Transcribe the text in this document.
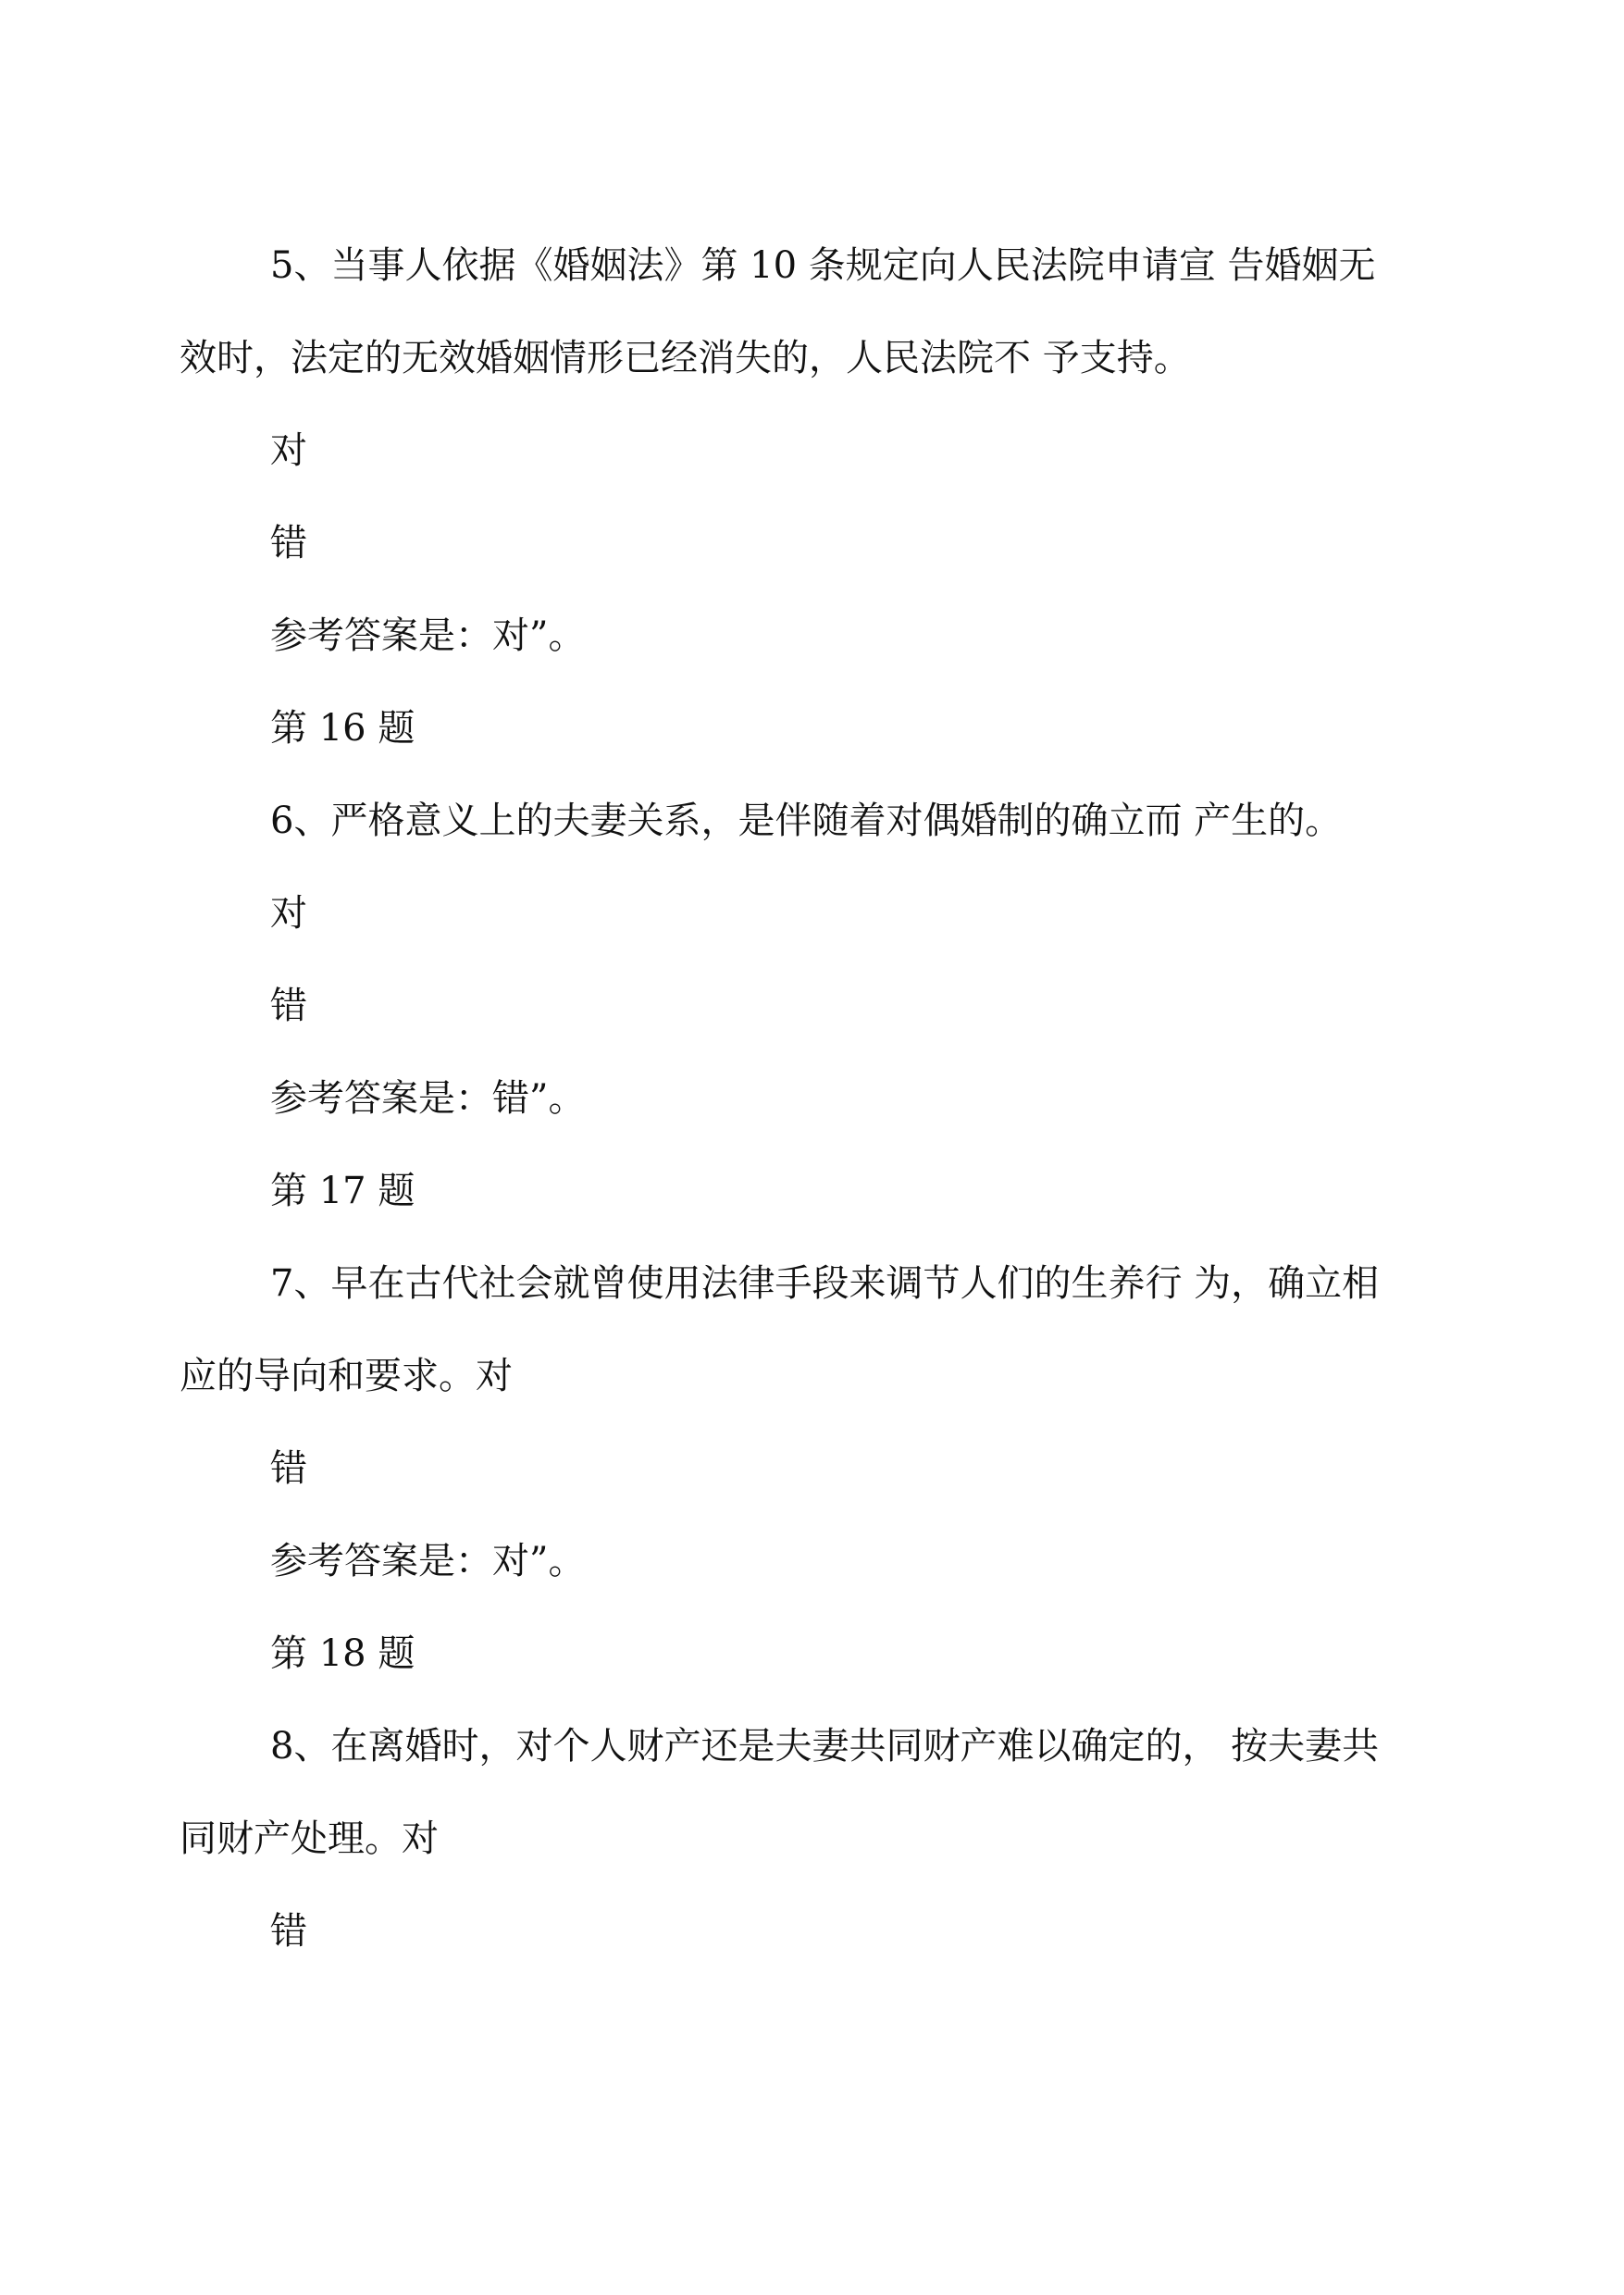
5、当事人依据《婚姻法》第 10 条规定向人民法院申请宣 告婚姻无
效时，法定的无效婚姻情形已经消失的，人民法院不 予支持。
对
错
参考答案是：对”。
第 16 题
6、严格意义上的夫妻关系，是伴随着对偶婚制的确立而 产生的。
对
错
参考答案是：错”。
第 17 题
7、早在古代社会就曾使用法律手段来调节人们的生养行 为，确立相
应的导向和要求。对
错
参考答案是：对”。
第 18 题
8、在离婚时，对个人财产还是夫妻共同财产难以确定的， 按夫妻共
同财产处理。对
错
